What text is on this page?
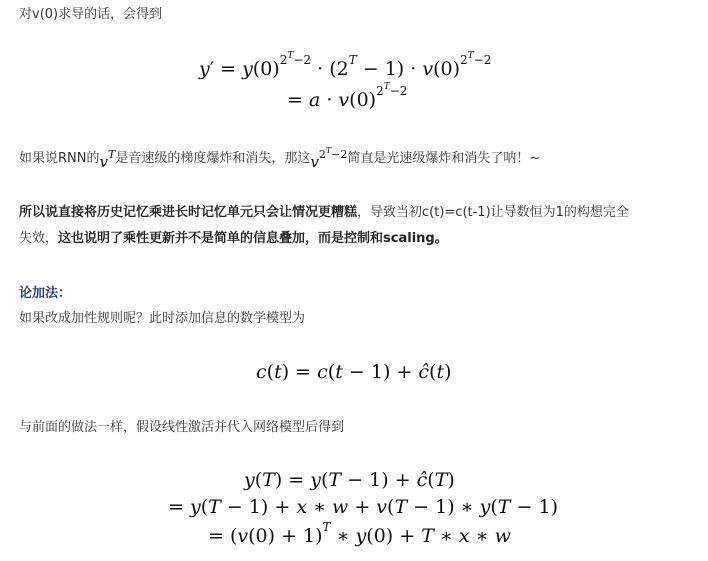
对v(0)求导的话，会得到
$y' = y(0)^{2^T-2} \cdot (2^T - 1) \cdot v(0)^{2^T-2}$
= $a \cdot v(0)^{2^T-2}$
如果说RNN的$v^T$是音速级的梯度爆炸和消失，那这$v^{2^T-2}$简直是光速级爆炸和消失了呐！~
所以说直接将历史记忆乘进长时记忆单元只会让情况更糟糕，导致当初c(t)=c(t-1)让导数恒为1的构想完全
失效，这也说明了乘性更新并不是简单的信息叠加，而是控制和scaling。
论加法：
如果改成加性规则呢？此时添加信息的数学模型为
c(t) = c(t − 1) + ĉ(t)
与前面的做法一样，假设线性激活并代入网络模型后得到
y(T) = y(T − 1) + ĉ(T)
= y(T − 1) + x ∗ w + v(T − 1) ∗ y(T − 1)
= $(v(0) + 1)^T$ ∗ y(0) + T ∗ x ∗ w
